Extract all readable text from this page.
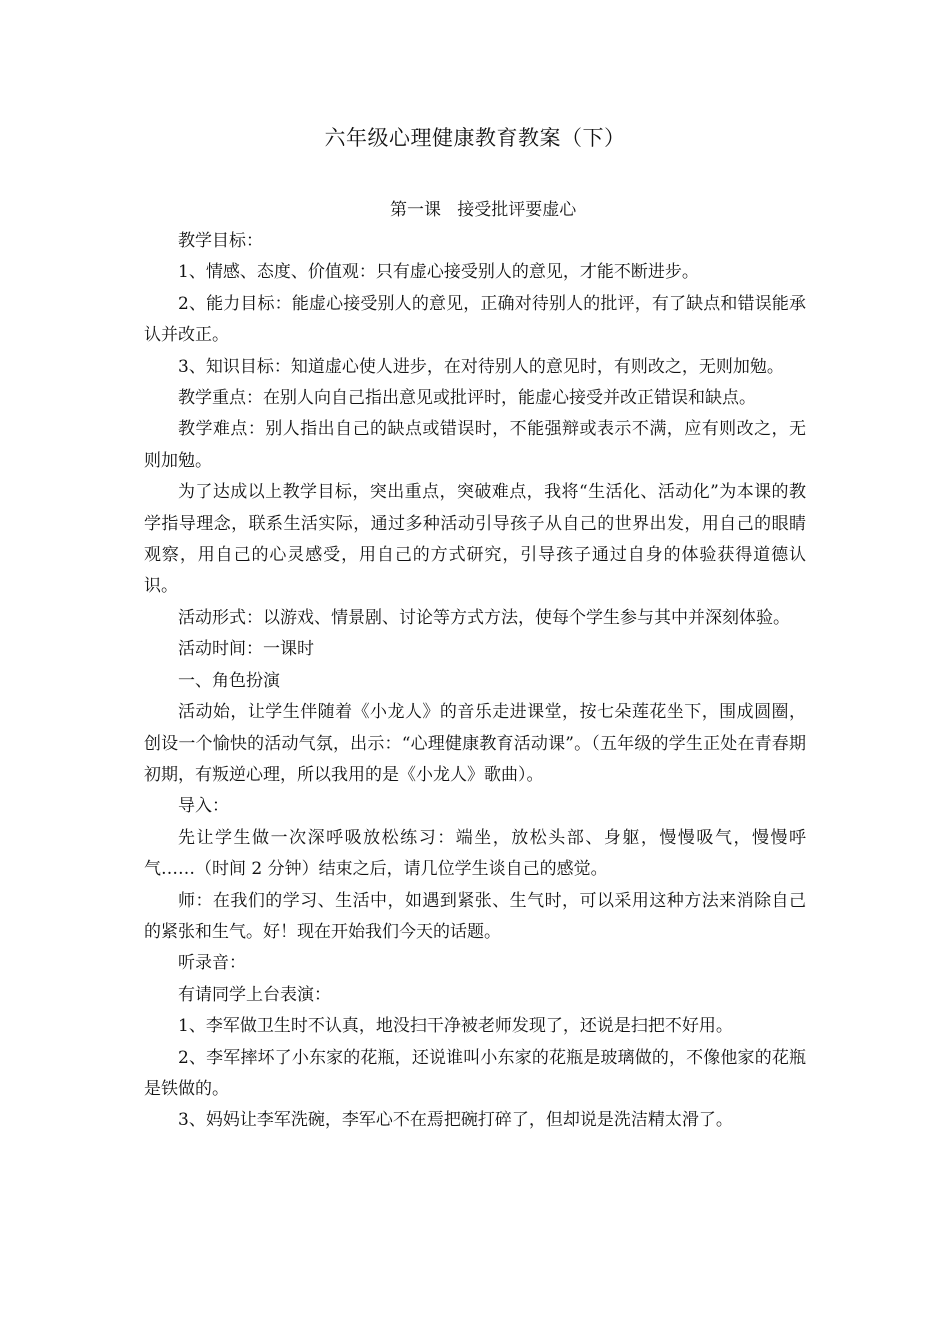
六年级心理健康教育教案（下）
第一课   接受批评要虚心

教学目标：

1、情感、态度、价值观：只有虚心接受别人的意见，才能不断进步。

2、能力目标：能虚心接受别人的意见，正确对待别人的批评，有了缺点和错误能承认并改正。

3、知识目标：知道虚心使人进步，在对待别人的意见时，有则改之，无则加勉。

教学重点：在别人向自己指出意见或批评时，能虚心接受并改正错误和缺点。

教学难点：别人指出自己的缺点或错误时，不能强辩或表示不满，应有则改之，无则加勉。

为了达成以上教学目标，突出重点，突破难点，我将“生活化、活动化”为本课的教学指导理念，联系生活实际，通过多种活动引导孩子从自己的世界出发，用自己的眼睛观察，用自己的心灵感受，用自己的方式研究，引导孩子通过自身的体验获得道德认识。

活动形式：以游戏、情景剧、讨论等方式方法，使每个学生参与其中并深刻体验。

活动时间：一课时

一、角色扮演

活动始，让学生伴随着《小龙人》的音乐走进课堂，按七朵莲花坐下，围成圆圈，创设一个愉快的活动气氛，出示：“心理健康教育活动课”。（五年级的学生正处在青春期初期，有叛逆心理，所以我用的是《小龙人》歌曲）。

导入：

先让学生做一次深呼吸放松练习：端坐，放松头部、身躯，慢慢吸气，慢慢呼气……（时间 2 分钟）结束之后，请几位学生谈自己的感觉。

师：在我们的学习、生活中，如遇到紧张、生气时，可以采用这种方法来消除自己的紧张和生气。好！现在开始我们今天的话题。

听录音：

有请同学上台表演：

1、李军做卫生时不认真，地没扫干净被老师发现了，还说是扫把不好用。

2、李军摔坏了小东家的花瓶，还说谁叫小东家的花瓶是玻璃做的，不像他家的花瓶是铁做的。

3、妈妈让李军洗碗，李军心不在焉把碗打碎了，但却说是洗洁精太滑了。
